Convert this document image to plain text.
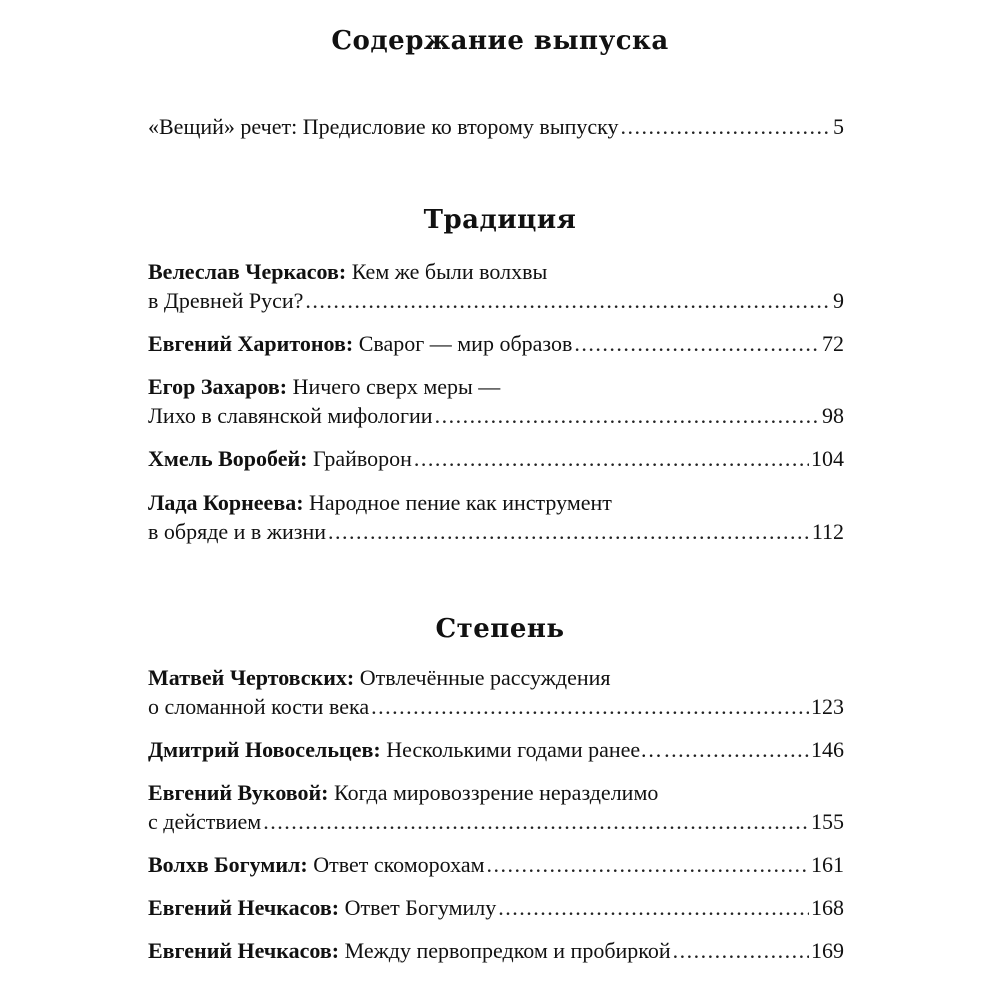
Содержание выпуска
«Вещий» речет: Предисловие ко второму выпуску .....	5
Традиция
Велеслав Черкасов: Кем же были волхвы
в Древней Руси? .....	9
Евгений Харитонов: Сварог — мир образов .....	72
Егор Захаров: Ничего сверх меры —
Лихо в славянской мифологии .....	98
Хмель Воробей: Грайворон .....	104
Лада Корнеева: Народное пение как инструмент
в обряде и в жизни .....	112
Степень
Матвей Чертовских: Отвлечённые рассуждения
о сломанной кости века .....	123
Дмитрий Новосельцев: Несколькими годами ранее… .....	146
Евгений Вуковой: Когда мировоззрение неразделимо
с действием .....	155
Волхв Богумил: Ответ скоморохам .....	161
Евгений Нечкасов: Ответ Богумилу .....	168
Евгений Нечкасов: Между первопредком и пробиркой .....	169
